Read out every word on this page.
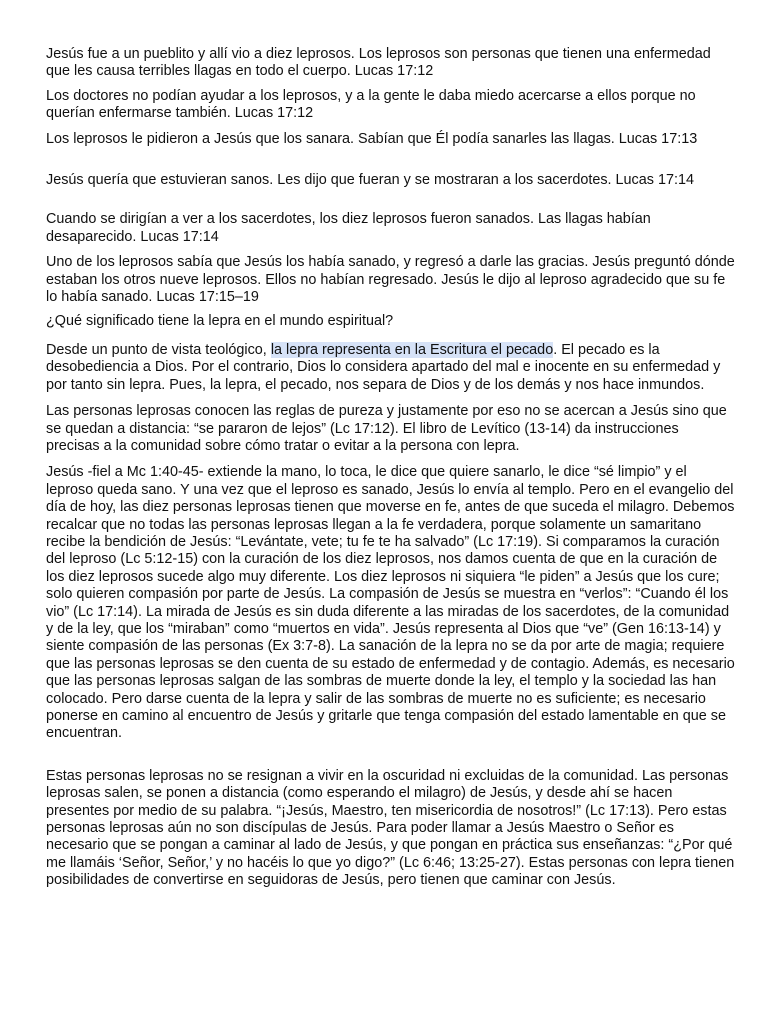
Jesús fue a un pueblito y allí vio a diez leprosos. Los leprosos son personas que tienen una enfermedad que les causa terribles llagas en todo el cuerpo. Lucas 17:12

Los doctores no podían ayudar a los leprosos, y a la gente le daba miedo acercarse a ellos porque no querían enfermarse también. Lucas 17:12

Los leprosos le pidieron a Jesús que los sanara. Sabían que Él podía sanarles las llagas. Lucas 17:13

Jesús quería que estuvieran sanos. Les dijo que fueran y se mostraran a los sacerdotes. Lucas 17:14

Cuando se dirigían a ver a los sacerdotes, los diez leprosos fueron sanados. Las llagas habían desaparecido. Lucas 17:14

Uno de los leprosos sabía que Jesús los había sanado, y regresó a darle las gracias. Jesús preguntó dónde estaban los otros nueve leprosos. Ellos no habían regresado. Jesús le dijo al leproso agradecido que su fe lo había sanado. Lucas 17:15–19

¿Qué significado tiene la lepra en el mundo espiritual?

Desde un punto de vista teológico, la lepra representa en la Escritura el pecado. El pecado es la desobediencia a Dios. Por el contrario, Dios lo considera apartado del mal e inocente en su enfermedad y por tanto sin lepra. Pues, la lepra, el pecado, nos separa de Dios y de los demás y nos hace inmundos.

Las personas leprosas conocen las reglas de pureza y justamente por eso no se acercan a Jesús sino que se quedan a distancia: “se pararon de lejos” (Lc 17:12). El libro de Levítico (13-14) da instrucciones precisas a la comunidad sobre cómo tratar o evitar a la persona con lepra.

Jesús -fiel a Mc 1:40-45- extiende la mano, lo toca, le dice que quiere sanarlo, le dice “sé limpio” y el leproso queda sano. Y una vez que el leproso es sanado, Jesús lo envía al templo. Pero en el evangelio del día de hoy, las diez personas leprosas tienen que moverse en fe, antes de que suceda el milagro. Debemos recalcar que no todas las personas leprosas llegan a la fe verdadera, porque solamente un samaritano recibe la bendición de Jesús: “Levántate, vete; tu fe te ha salvado” (Lc 17:19). Si comparamos la curación del leproso (Lc 5:12-15) con la curación de los diez leprosos, nos damos cuenta de que en la curación de los diez leprosos sucede algo muy diferente. Los diez leprosos ni siquiera “le piden” a Jesús que los cure; solo quieren compasión por parte de Jesús. La compasión de Jesús se muestra en “verlos”: “Cuando él los vio” (Lc 17:14). La mirada de Jesús es sin duda diferente a las miradas de los sacerdotes, de la comunidad y de la ley, que los “miraban” como “muertos en vida”. Jesús representa al Dios que “ve” (Gen 16:13-14) y siente compasión de las personas (Ex 3:7-8). La sanación de la lepra no se da por arte de magia; requiere que las personas leprosas se den cuenta de su estado de enfermedad y de contagio. Además, es necesario que las personas leprosas salgan de las sombras de muerte donde la ley, el templo y la sociedad las han colocado. Pero darse cuenta de la lepra y salir de las sombras de muerte no es suficiente; es necesario ponerse en camino al encuentro de Jesús y gritarle que tenga compasión del estado lamentable en que se encuentran.

Estas personas leprosas no se resignan a vivir en la oscuridad ni excluidas de la comunidad. Las personas leprosas salen, se ponen a distancia (como esperando el milagro) de Jesús, y desde ahí se hacen presentes por medio de su palabra. “¡Jesús, Maestro, ten misericordia de nosotros!” (Lc 17:13). Pero estas personas leprosas aún no son discípulas de Jesús. Para poder llamar a Jesús Maestro o Señor es necesario que se pongan a caminar al lado de Jesús, y que pongan en práctica sus enseñanzas: “¿Por qué me llamáis ‘Señor, Señor,’ y no hacéis lo que yo digo?” (Lc 6:46; 13:25-27). Estas personas con lepra tienen posibilidades de convertirse en seguidoras de Jesús, pero tienen que caminar con Jesús.
